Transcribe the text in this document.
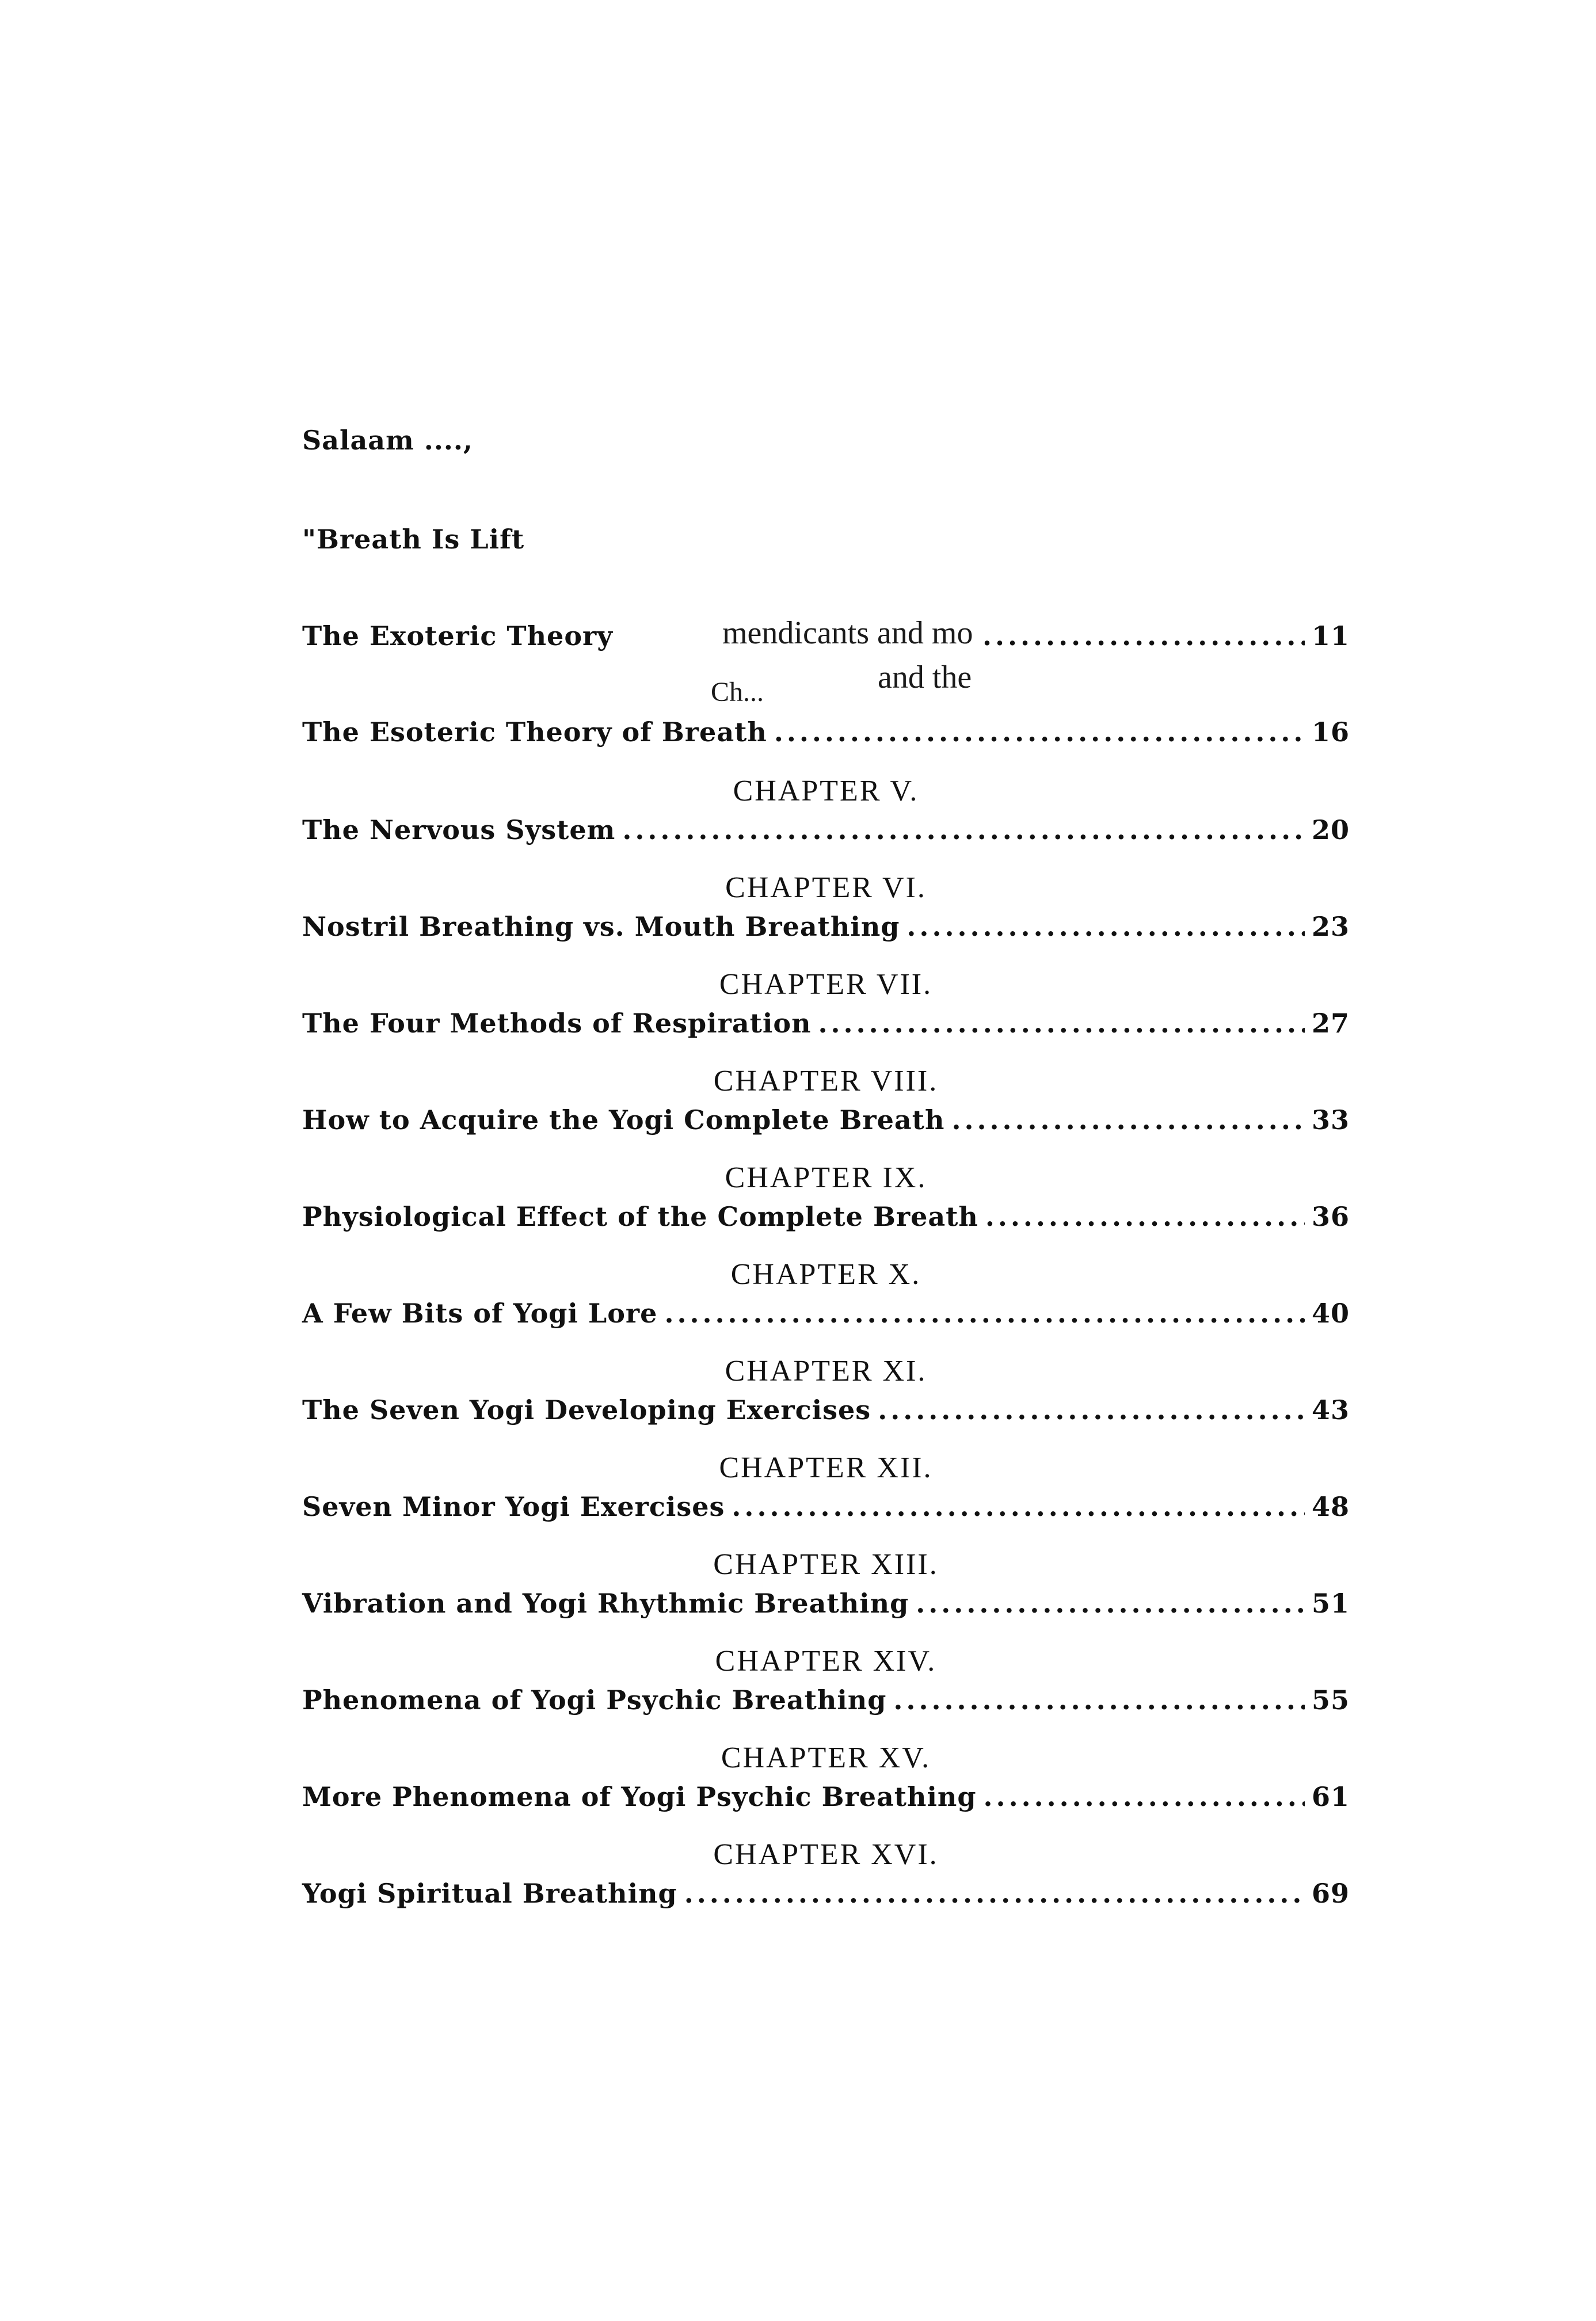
Salaam ....,
"Breath Is Lift
The Exoteric Theory .....	11
mendicants and mo
and the
Ch...
The Esoteric Theory of Breath .....	16
CHAPTER V.
The Nervous System .....	20
CHAPTER VI.
Nostril Breathing vs. Mouth Breathing .....	23
CHAPTER VII.
The Four Methods of Respiration .....	27
CHAPTER VIII.
How to Acquire the Yogi Complete Breath .....	33
CHAPTER IX.
Physiological Effect of the Complete Breath .....	36
CHAPTER X.
A Few Bits of Yogi Lore .....	40
CHAPTER XI.
The Seven Yogi Developing Exercises .....	43
CHAPTER XII.
Seven Minor Yogi Exercises .....	48
CHAPTER XIII.
Vibration and Yogi Rhythmic Breathing .....	51
CHAPTER XIV.
Phenomena of Yogi Psychic Breathing .....	55
CHAPTER XV.
More Phenomena of Yogi Psychic Breathing .....	61
CHAPTER XVI.
Yogi Spiritual Breathing .....	69
